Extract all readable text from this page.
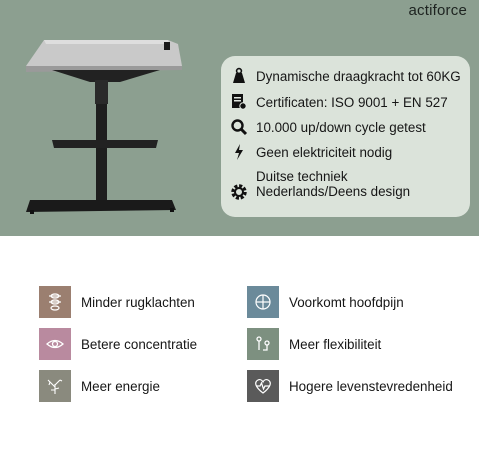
actiforce
Dynamische draagkracht tot 60KG
Certificaten: ISO 9001 + EN 527
10.000 up/down cycle getest
Geen elektriciteit nodig
Duitse techniek
Nederlands/Deens design
Minder rugklachten	Voorkomt hoofdpijn
Betere concentratie	Meer flexibiliteit
Meer energie	Hogere levenstevredenheid
